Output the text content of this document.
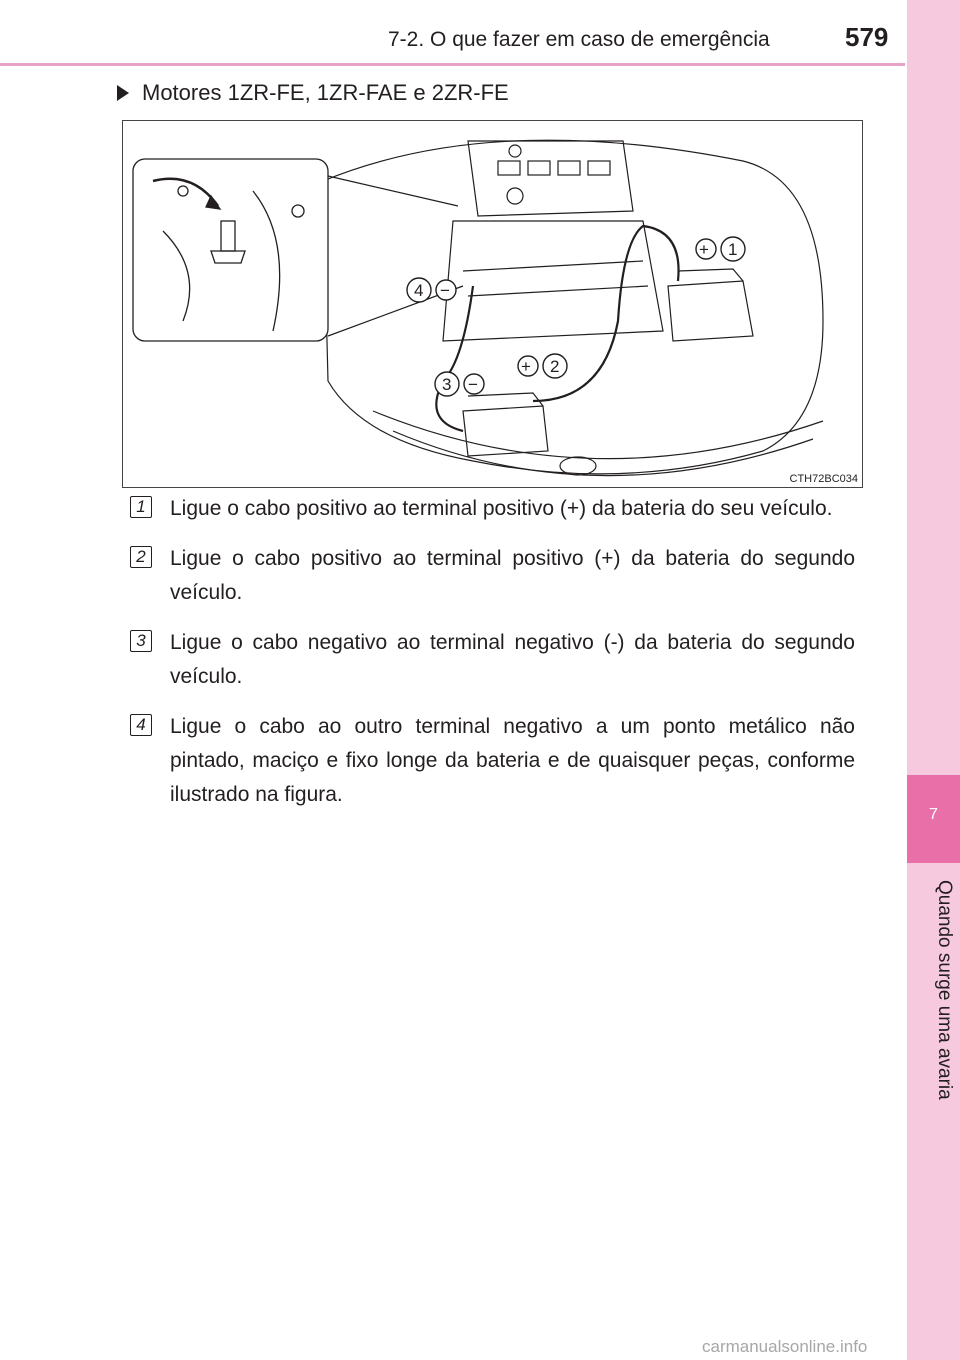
7-2. O que fazer em caso de emergência	579
7
Quando surge uma avaria
Motores 1ZR-FE, 1ZR-FAE e 2ZR-FE
+ 1
4 −
+ 2
3 −
CTH72BC034
1 Ligue o cabo positivo ao terminal positivo (+) da bateria do seu veículo.
2 Ligue o cabo positivo ao terminal positivo (+) da bateria do segundo veículo.
3 Ligue o cabo negativo ao terminal negativo (-) da bateria do segundo veículo.
4 Ligue o cabo ao outro terminal negativo a um ponto metálico não pintado, maciço e fixo longe da bateria e de quaisquer peças, conforme ilustrado na figura.
carmanualsonline.info
